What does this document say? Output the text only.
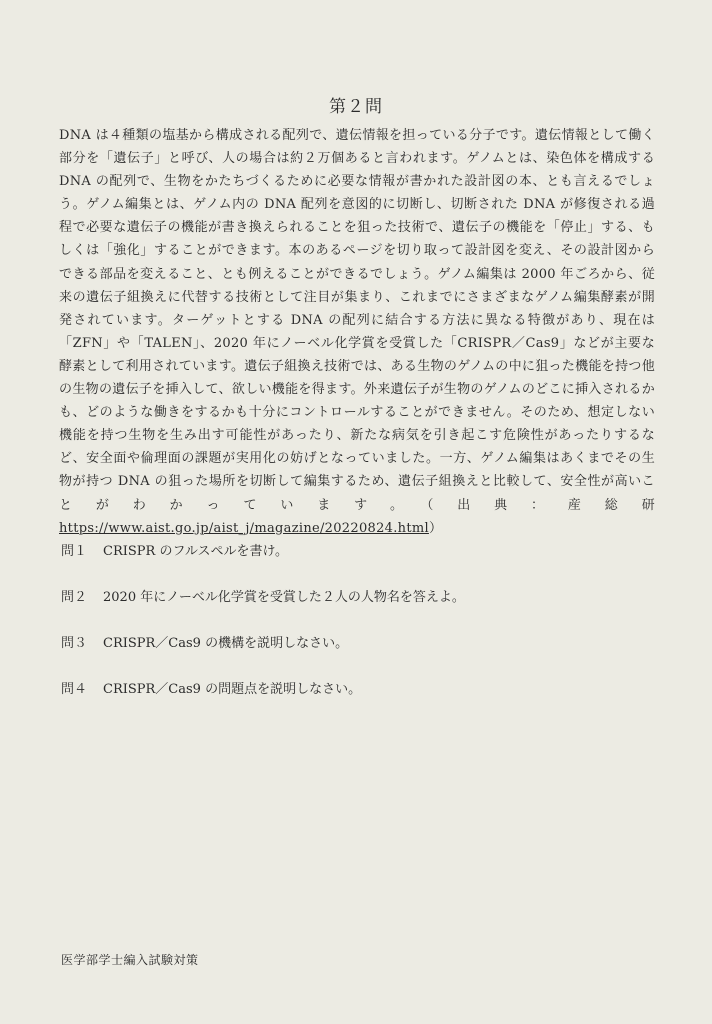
第２問

DNA は４種類の塩基から構成される配列で、遺伝情報を担っている分子です。遺伝情報として働く部分を「遺伝子」と呼び、人の場合は約２万個あると言われます。ゲノムとは、染色体を構成する DNA の配列で、生物をかたちづくるために必要な情報が書かれた設計図の本、とも言えるでしょう。ゲノム編集とは、ゲノム内の DNA 配列を意図的に切断し、切断された DNA が修復される過程で必要な遺伝子の機能が書き換えられることを狙った技術で、遺伝子の機能を「停止」する、もしくは「強化」することができます。本のあるページを切り取って設計図を変え、その設計図からできる部品を変えること、とも例えることができるでしょう。ゲノム編集は 2000 年ごろから、従来の遺伝子組換えに代替する技術として注目が集まり、これまでにさまざまなゲノム編集酵素が開発されています。ターゲットとする DNA の配列に結合する方法に異なる特徴があり、現在は「ZFN」や「TALEN」、2020 年にノーベル化学賞を受賞した「CRISPR／Cas9」などが主要な酵素として利用されています。遺伝子組換え技術では、ある生物のゲノムの中に狙った機能を持つ他の生物の遺伝子を挿入して、欲しい機能を得ます。外来遺伝子が生物のゲノムのどこに挿入されるかも、どのような働きをするかも十分にコントロールすることができません。そのため、想定しない機能を持つ生物を生み出す可能性があったり、新たな病気を引き起こす危険性があったりするなど、安全面や倫理面の課題が実用化の妨げとなっていました。一方、ゲノム編集はあくまでその生物が持つ DNA の狙った場所を切断して編集するため、遺伝子組換えと比較して、安全性が高いことがわかっています。（出典：産総研 https://www.aist.go.jp/aist_j/magazine/20220824.html）

問１	CRISPR のフルスペルを書け。
問２	2020 年にノーベル化学賞を受賞した２人の人物名を答えよ。
問３	CRISPR／Cas9 の機構を説明しなさい。
問４	CRISPR／Cas9 の問題点を説明しなさい。
医学部学士編入試験対策
